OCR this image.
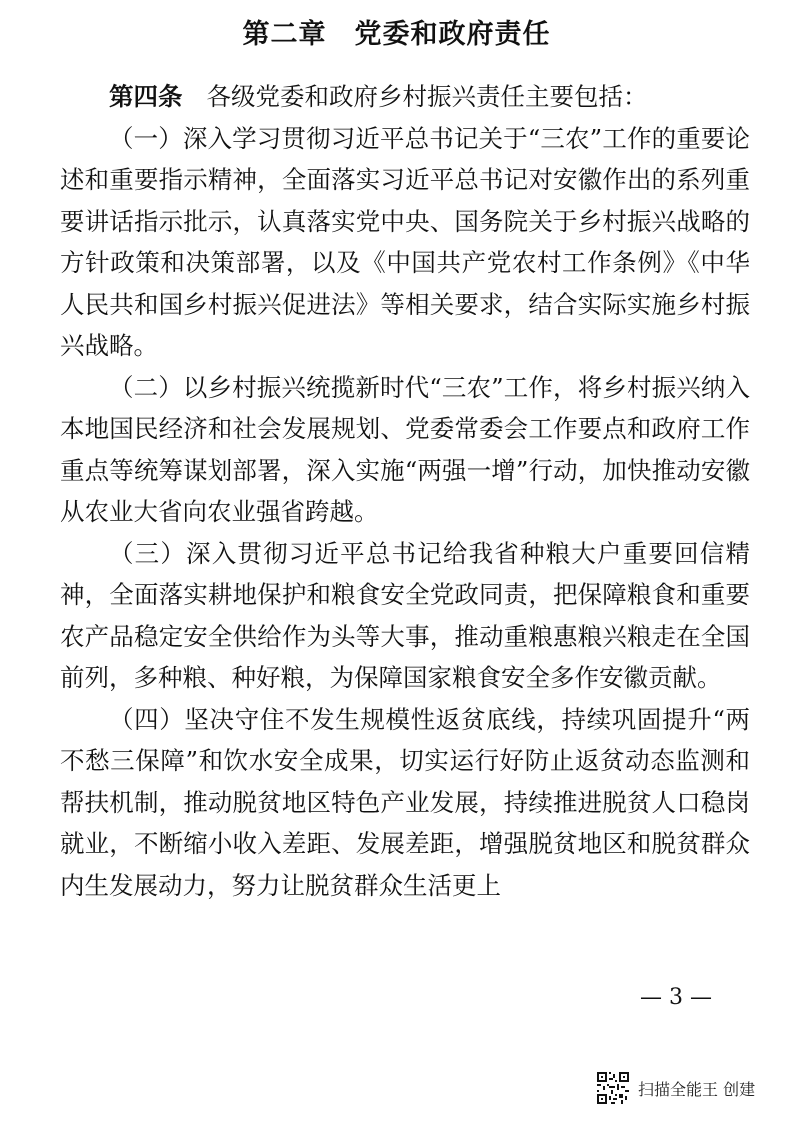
第二章　党委和政府责任

第四条 各级党委和政府乡村振兴责任主要包括：

（一）深入学习贯彻习近平总书记关于“三农”工作的重要论述和重要指示精神，全面落实习近平总书记对安徽作出的系列重要讲话指示批示，认真落实党中央、国务院关于乡村振兴战略的方针政策和决策部署，以及《中国共产党农村工作条例》《中华人民共和国乡村振兴促进法》等相关要求，结合实际实施乡村振兴战略。

（二）以乡村振兴统揽新时代“三农”工作，将乡村振兴纳入本地国民经济和社会发展规划、党委常委会工作要点和政府工作重点等统筹谋划部署，深入实施“两强一增”行动，加快推动安徽从农业大省向农业强省跨越。

（三）深入贯彻习近平总书记给我省种粮大户重要回信精神，全面落实耕地保护和粮食安全党政同责，把保障粮食和重要农产品稳定安全供给作为头等大事，推动重粮惠粮兴粮走在全国前列，多种粮、种好粮，为保障国家粮食安全多作安徽贡献。

（四）坚决守住不发生规模性返贫底线，持续巩固提升“两不愁三保障”和饮水安全成果，切实运行好防止返贫动态监测和帮扶机制，推动脱贫地区特色产业发展，持续推进脱贫人口稳岗就业，不断缩小收入差距、发展差距，增强脱贫地区和脱贫群众内生发展动力，努力让脱贫群众生活更上

— 3 —
扫描全能王 创建
